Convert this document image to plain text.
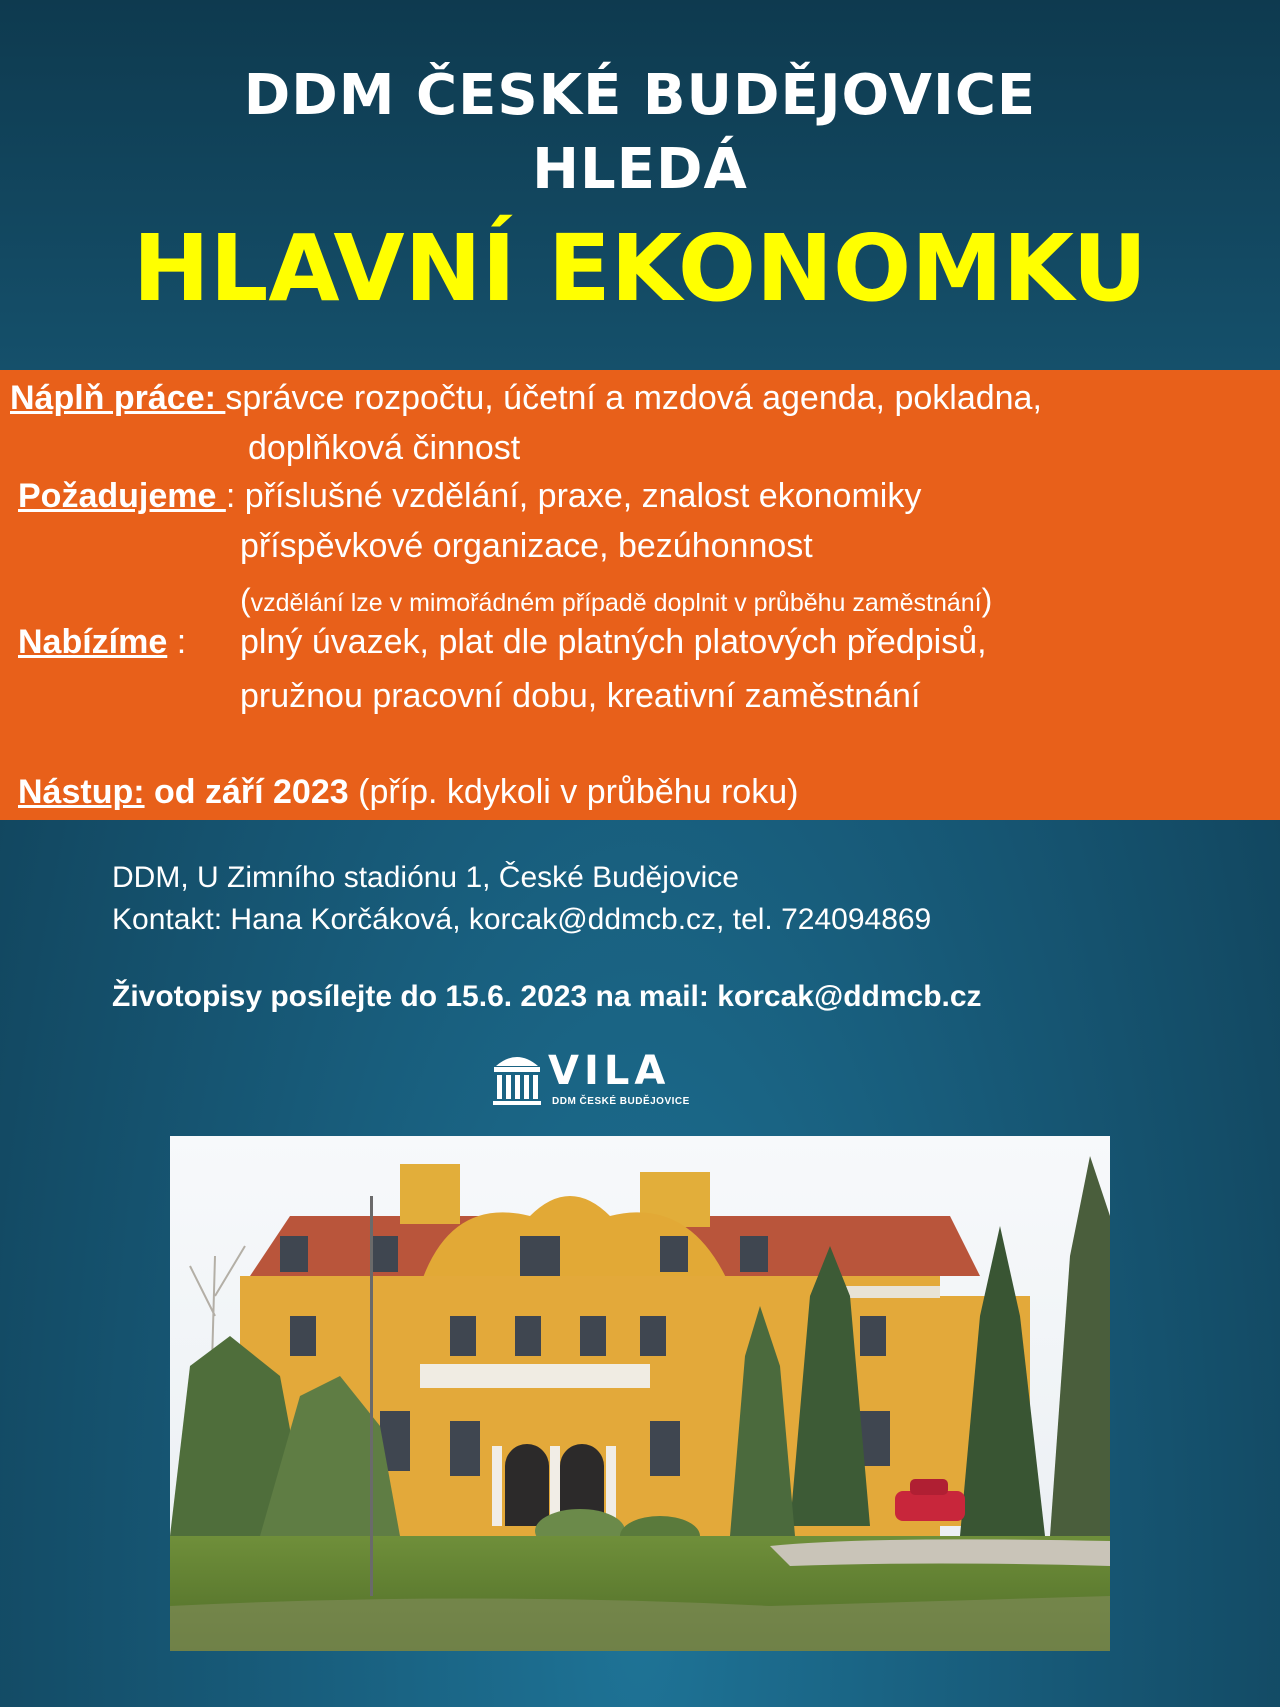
DDM ČESKÉ BUDĚJOVICE
HLEDÁ
HLAVNÍ EKONOMKU
Náplň práce: správce rozpočtu, účetní a mzdová agenda, pokladna,
doplňková činnost
Požadujeme : příslušné vzdělání, praxe, znalost ekonomiky
příspěvkové organizace, bezúhonnost
(vzdělání lze v mimořádném případě doplnit v průběhu zaměstnání)
Nabízíme : plný úvazek, plat dle platných platových předpisů,
pružnou pracovní dobu, kreativní zaměstnání
Nástup: od září 2023 (příp. kdykoli v průběhu roku)
DDM, U Zimního stadiónu 1, České Budějovice
Kontakt: Hana Korčáková, korcak@ddmcb.cz, tel. 724094869
Životopisy posílejte do 15.6. 2023 na mail: korcak@ddmcb.cz
VILA
DDM ČESKÉ BUDĚJOVICE
